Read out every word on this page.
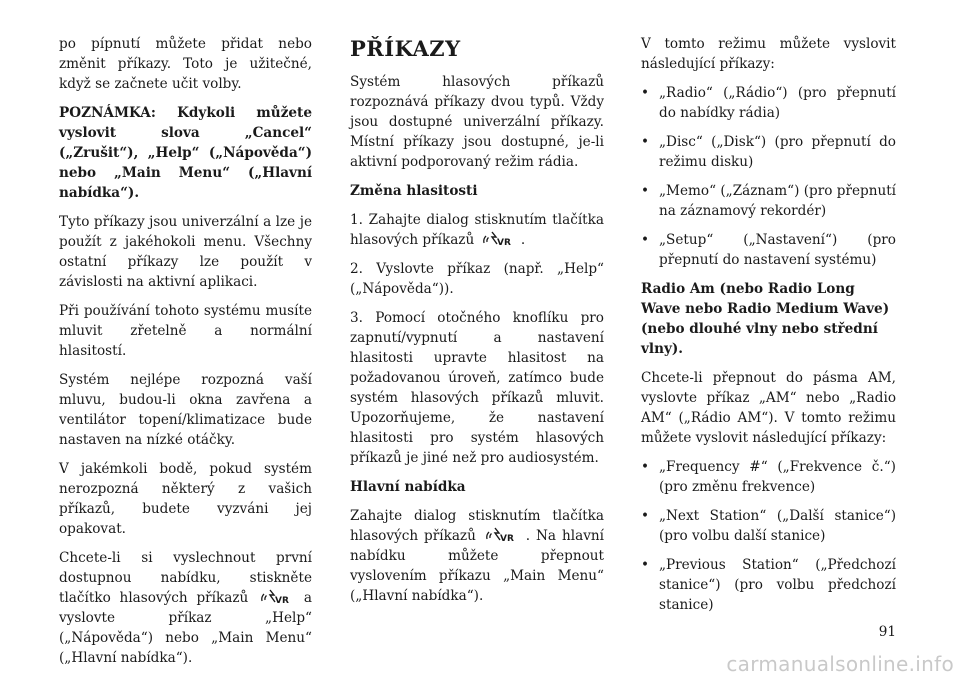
po pípnutí můžete přidat nebo změnit příkazy. Toto je užitečné, když se začnete učit volby.

POZNÁMKA: Kdykoli můžete vyslovit slova „Cancel“ („Zrušit“), „Help“ („Nápověda“) nebo „Main Menu“ („Hlavní nabídka“).

Tyto příkazy jsou univerzální a lze je použít z jakéhokoli menu. Všechny ostatní příkazy lze použít v závislosti na aktivní aplikaci.

Při používání tohoto systému musíte mluvit zřetelně a normální hlasitostí.

Systém nejlépe rozpozná vaší mluvu, budou-li okna zavřena a ventilátor topení/klimatizace bude nastaven na nízké otáčky.

V jakémkoli bodě, pokud systém nerozpozná některý z vašich příkazů, budete vyzváni jej opakovat.

Chcete-li si vyslechnout první dostupnou nabídku, stiskněte tlačítko hlasových příkazů	a vyslovte příkaz „Help“ („Nápověda“) nebo „Main Menu“ („Hlavní nabídka“).

PŘÍKAZY

Systém hlasových příkazů rozpoznává příkazy dvou typů. Vždy jsou dostupné univerzální příkazy. Místní příkazy jsou dostupné, je-li aktivní podporovaný režim rádia.

Změna hlasitosti

1. Zahajte dialog stisknutím tlačítka hlasových příkazů	.

2. Vyslovte příkaz (např. „Help“ („Nápověda“)).

3. Pomocí otočného knoflíku pro zapnutí/vypnutí a nastavení hlasitosti upravte hlasitost na požadovanou úroveň, zatímco bude systém hlasových příkazů mluvit. Upozorňujeme, že nastavení hlasitosti pro systém hlasových příkazů je jiné než pro audiosystém.

Hlavní nabídka

Zahajte dialog stisknutím tlačítka hlasových příkazů	. Na hlavní nabídku můžete přepnout vyslovením příkazu „Main Menu“ („Hlavní nabídka“).

V tomto režimu můžete vyslovit následující příkazy:

• „Radio“ („Rádio“) (pro přepnutí do nabídky rádia)
• „Disc“ („Disk“) (pro přepnutí do režimu disku)
• „Memo“ („Záznam“) (pro přepnutí na záznamový rekordér)
• „Setup“ („Nastavení“) (pro přepnutí do nastavení systému)

Radio Am (nebo Radio Long Wave nebo Radio Medium Wave) (nebo dlouhé vlny nebo střední vlny).

Chcete-li přepnout do pásma AM, vyslovte příkaz „AM“ nebo „Radio AM“ („Rádio AM“). V tomto režimu můžete vyslovit následující příkazy:

• „Frequency #“ („Frekvence č.“) (pro změnu frekvence)
• „Next Station“ („Další stanice“) (pro volbu další stanice)
• „Previous Station“ („Předchozí stanice“) (pro volbu předchozí stanice)
91
carmanualsonline.info
